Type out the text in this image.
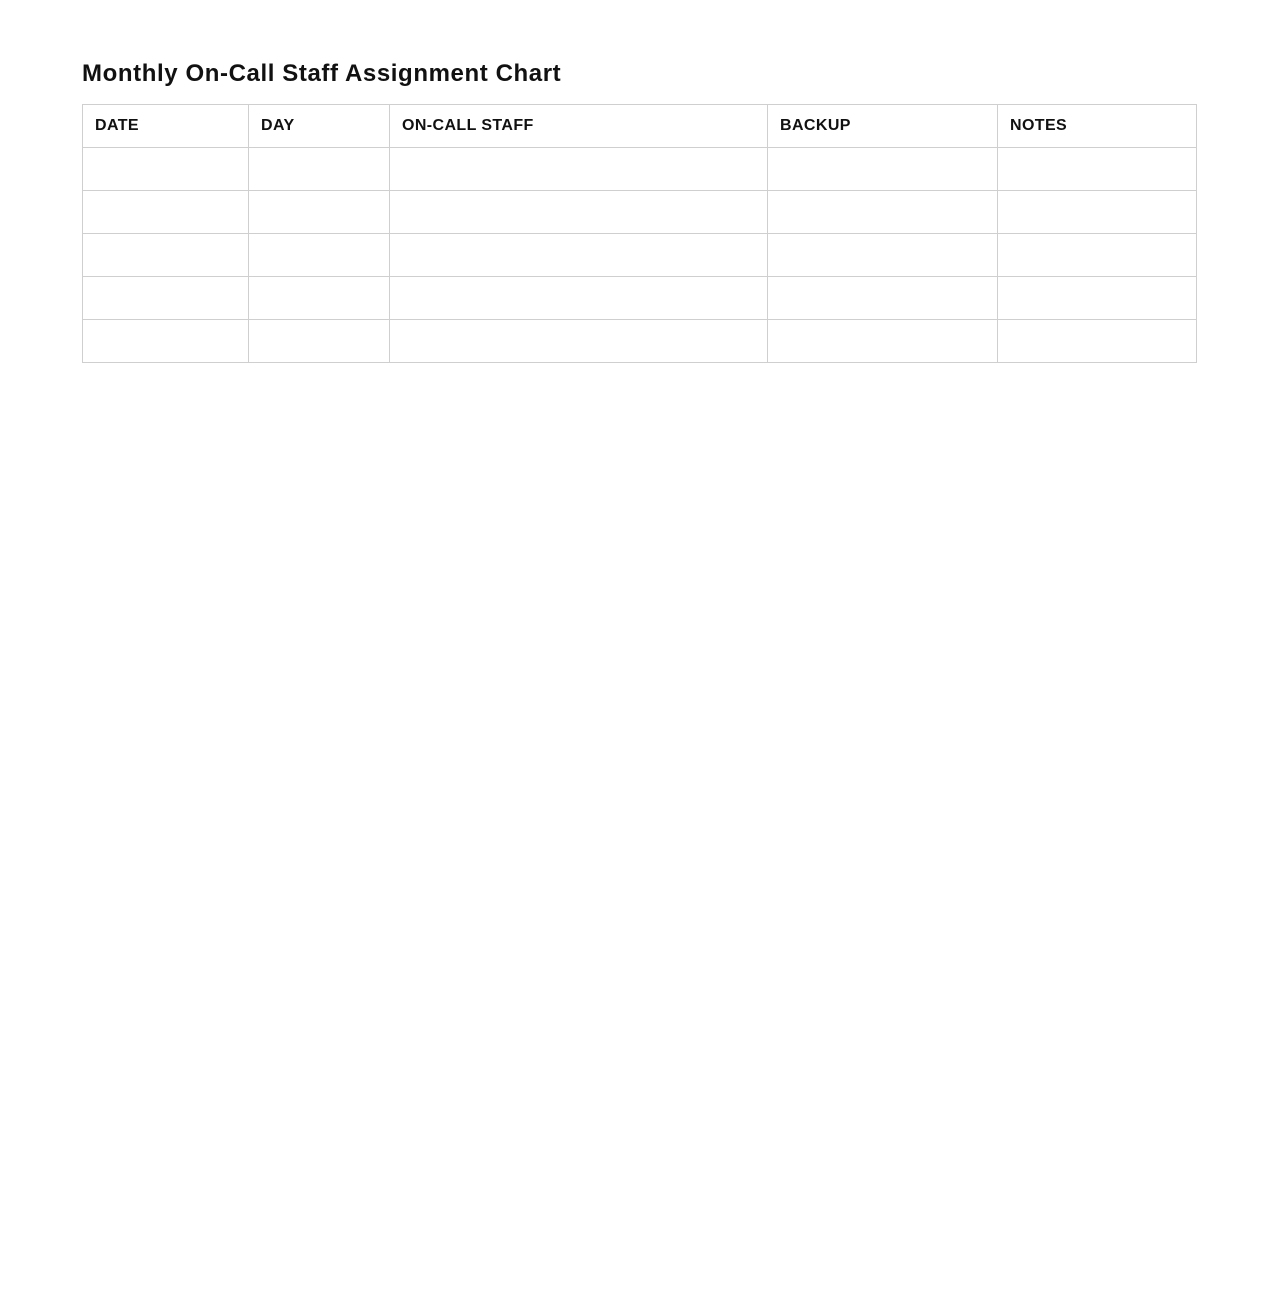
Monthly On-Call Staff Assignment Chart
DATE	DAY	ON-CALL STAFF	BACKUP	NOTES
